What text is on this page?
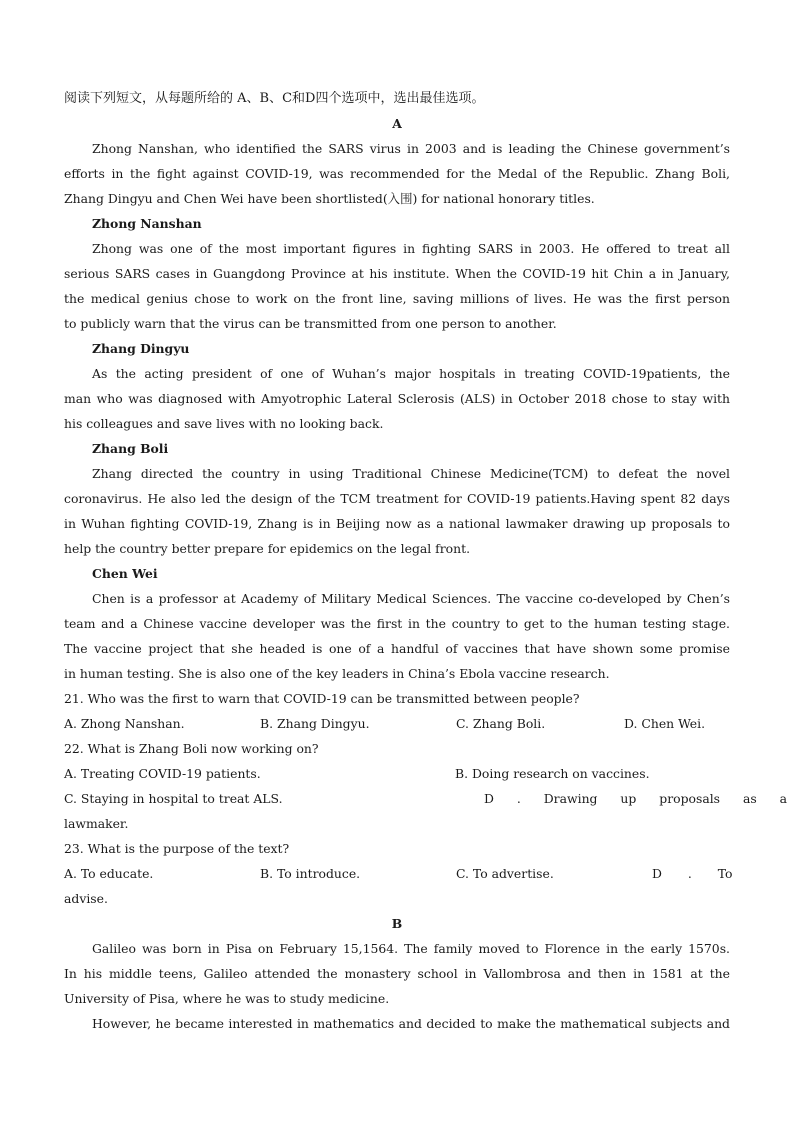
阅读下列短文，从每题所给的 A、B、C和D四个选项中，选出最佳选项。
A
Zhong Nanshan, who identified the SARS virus in 2003 and is leading the Chinese government’s
efforts in the fight against COVID-19, was recommended for the Medal of the Republic. Zhang Boli,
Zhang Dingyu and Chen Wei have been shortlisted(入围) for national honorary titles.
Zhong Nanshan
Zhong was one of the most important figures in fighting SARS in 2003. He offered to treat all
serious SARS cases in Guangdong Province at his institute. When the COVID-19 hit Chin a in January,
the medical genius chose to work on the front line, saving millions of lives. He was the first person
to publicly warn that the virus can be transmitted from one person to another.
Zhang Dingyu
As the acting president of one of Wuhan’s major hospitals in treating COVID-19patients, the
man who was diagnosed with Amyotrophic Lateral Sclerosis (ALS) in October 2018 chose to stay with
his colleagues and save lives with no looking back.
Zhang Boli
Zhang directed the country in using Traditional Chinese Medicine(TCM) to defeat the novel
coronavirus. He also led the design of the TCM treatment for COVID-19 patients.Having spent 82 days
in Wuhan fighting COVID-19, Zhang is in Beijing now as a national lawmaker drawing up proposals to
help the country better prepare for epidemics on the legal front.
Chen Wei
Chen is a professor at Academy of Military Medical Sciences. The vaccine co-developed by Chen’s
team and a Chinese vaccine developer was the first in the country to get to the human testing stage.
The vaccine project that she headed is one of a handful of vaccines that have shown some promise
in human testing. She is also one of the key leaders in China’s Ebola vaccine research.
21. Who was the first to warn that COVID-19 can be transmitted between people?
A. Zhong Nanshan.	B. Zhang Dingyu.	C. Zhang Boli.	D. Chen Wei.
22. What is Zhang Boli now working on?
A. Treating COVID-19 patients.	B. Doing research on vaccines.
C. Staying in hospital to treat ALS.	D . Drawing up proposals as a
lawmaker.
23. What is the purpose of the text?
A. To educate.	B. To introduce.	C. To advertise.	D . To
advise.
B
Galileo was born in Pisa on February 15,1564. The family moved to Florence in the early 1570s.
In his middle teens, Galileo attended the monastery school in Vallombrosa and then in 1581 at the
University of Pisa, where he was to study medicine.
However, he became interested in mathematics and decided to make the mathematical subjects and
